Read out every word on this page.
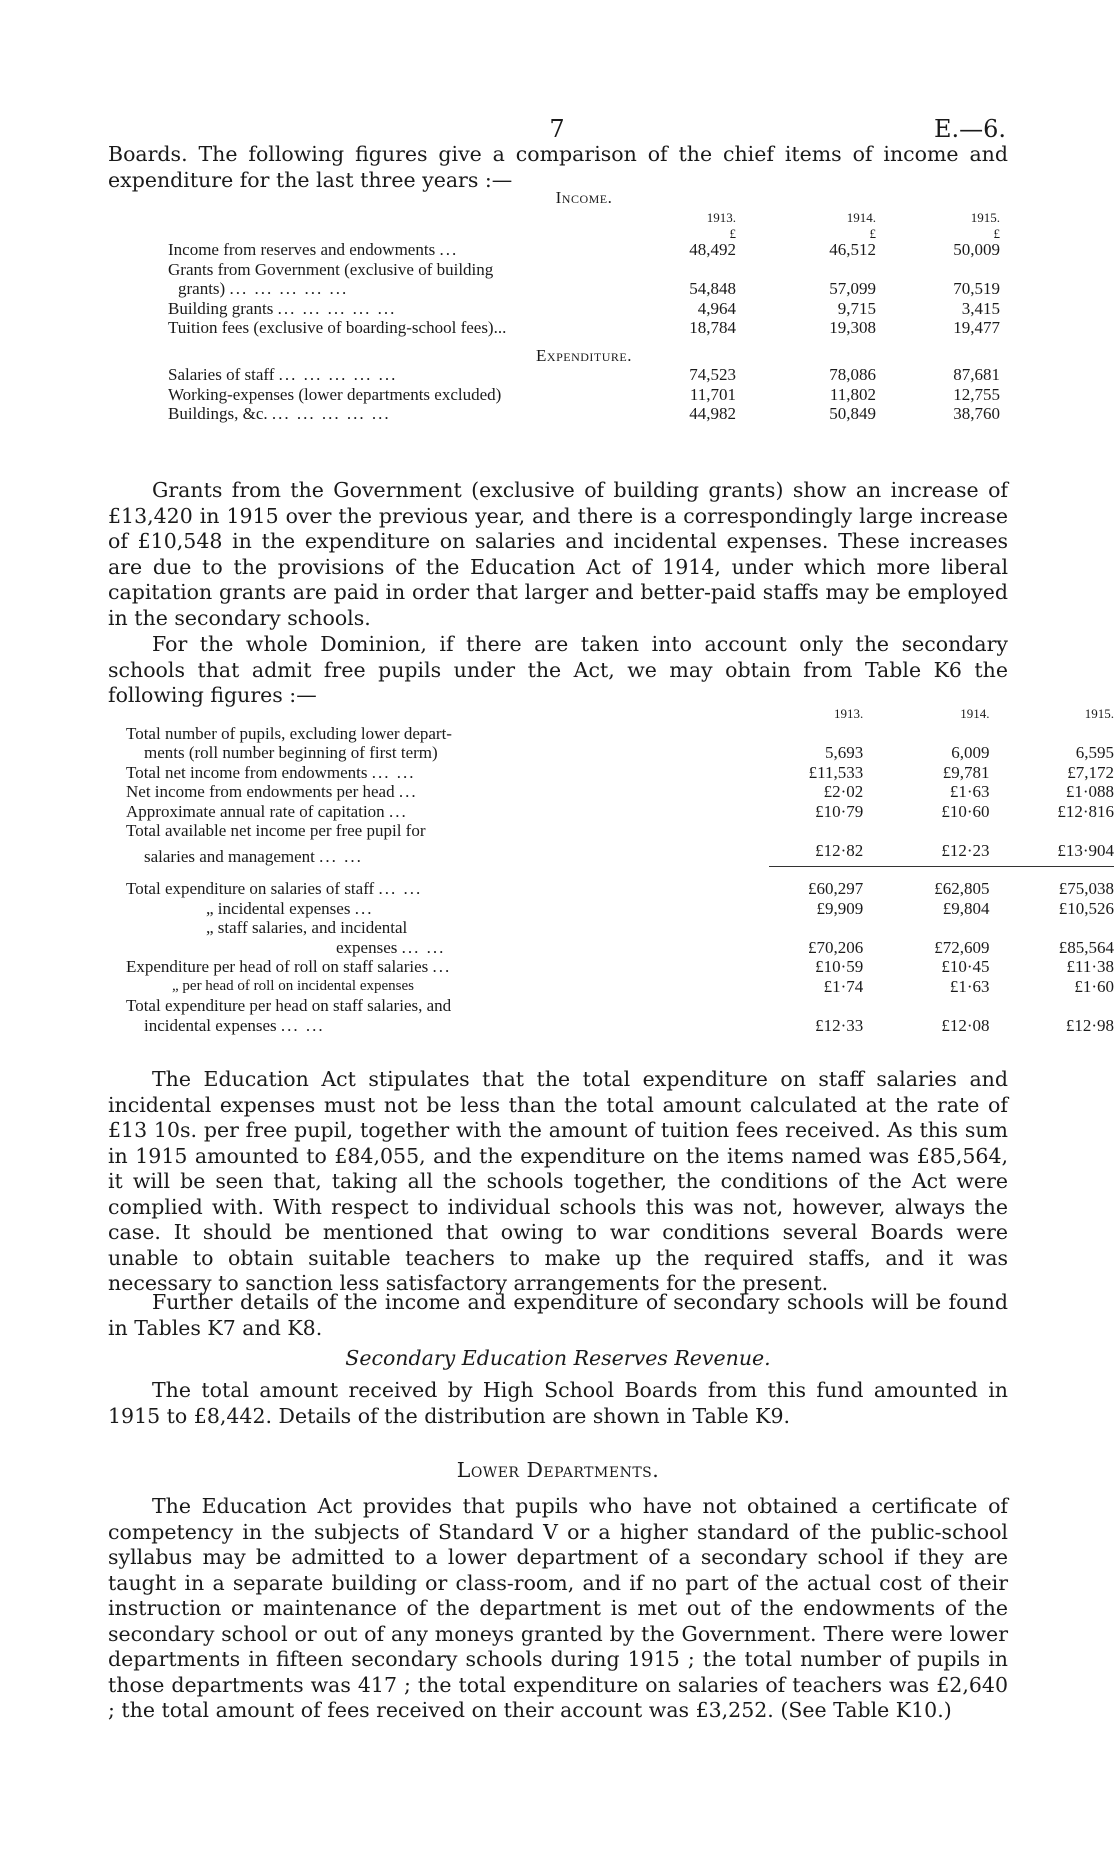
7	E.—6.

Boards. The following figures give a comparison of the chief items of income and expenditure for the last three years :—

Income.			
	1913.	1914.	1915.
	£	£	£
Income from reserves and endowments ...	48,492	46,512	50,009
Grants from Government (exclusive of building			
grants) ... ... ... ... ...	54,848	57,099	70,519
Building grants ... ... ... ... ...	4,964	9,715	3,415
Tuition fees (exclusive of boarding-school fees)...	18,784	19,308	19,477
Expenditure.			
Salaries of staff ... ... ... ... ...	74,523	78,086	87,681
Working-expenses (lower departments excluded)	11,701	11,802	12,755
Buildings, &c. ... ... ... ... ...	44,982	50,849	38,760

Grants from the Government (exclusive of building grants) show an increase of £13,420 in 1915 over the previous year, and there is a correspondingly large increase of £10,548 in the expenditure on salaries and incidental expenses. These increases are due to the provisions of the Education Act of 1914, under which more liberal capitation grants are paid in order that larger and better-paid staffs may be employed in the secondary schools.

For the whole Dominion, if there are taken into account only the secondary schools that admit free pupils under the Act, we may obtain from Table K6 the following figures :—

	1913.	1914.	1915.
Total number of pupils, excluding lower depart-			
ments (roll number beginning of first term)	5,693	6,009	6,595
Total net income from endowments ... ...	£11,533	£9,781	£7,172
Net income from endowments per head ...	£2·02	£1·63	£1·088
Approximate annual rate of capitation ...	£10·79	£10·60	£12·816
Total available net income per free pupil for			
salaries and management ... ...	£12·82	£12·23	£13·904

Total expenditure on salaries of staff ... ...	£60,297	£62,805	£75,038
„ incidental expenses ...	£9,909	£9,804	£10,526
„ staff salaries, and incidental			
expenses ... ...	£70,206	£72,609	£85,564
Expenditure per head of roll on staff salaries ...	£10·59	£10·45	£11·38
„ per head of roll on incidental expenses	£1·74	£1·63	£1·60
Total expenditure per head on staff salaries, and			
incidental expenses ... ...	£12·33	£12·08	£12·98

The Education Act stipulates that the total expenditure on staff salaries and incidental expenses must not be less than the total amount calculated at the rate of £13 10s. per free pupil, together with the amount of tuition fees received. As this sum in 1915 amounted to £84,055, and the expenditure on the items named was £85,564, it will be seen that, taking all the schools together, the conditions of the Act were complied with. With respect to individual schools this was not, however, always the case. It should be mentioned that owing to war conditions several Boards were unable to obtain suitable teachers to make up the required staffs, and it was necessary to sanction less satisfactory arrangements for the present.

Further details of the income and expenditure of secondary schools will be found in Tables K7 and K8.

Secondary Education Reserves Revenue.

The total amount received by High School Boards from this fund amounted in 1915 to £8,442. Details of the distribution are shown in Table K9.

Lower Departments.

The Education Act provides that pupils who have not obtained a certificate of competency in the subjects of Standard V or a higher standard of the public-school syllabus may be admitted to a lower department of a secondary school if they are taught in a separate building or class-room, and if no part of the actual cost of their instruction or maintenance of the department is met out of the endowments of the secondary school or out of any moneys granted by the Government. There were lower departments in fifteen secondary schools during 1915 ; the total number of pupils in those departments was 417 ; the total expenditure on salaries of teachers was £2,640 ; the total amount of fees received on their account was £3,252. (See Table K10.)
